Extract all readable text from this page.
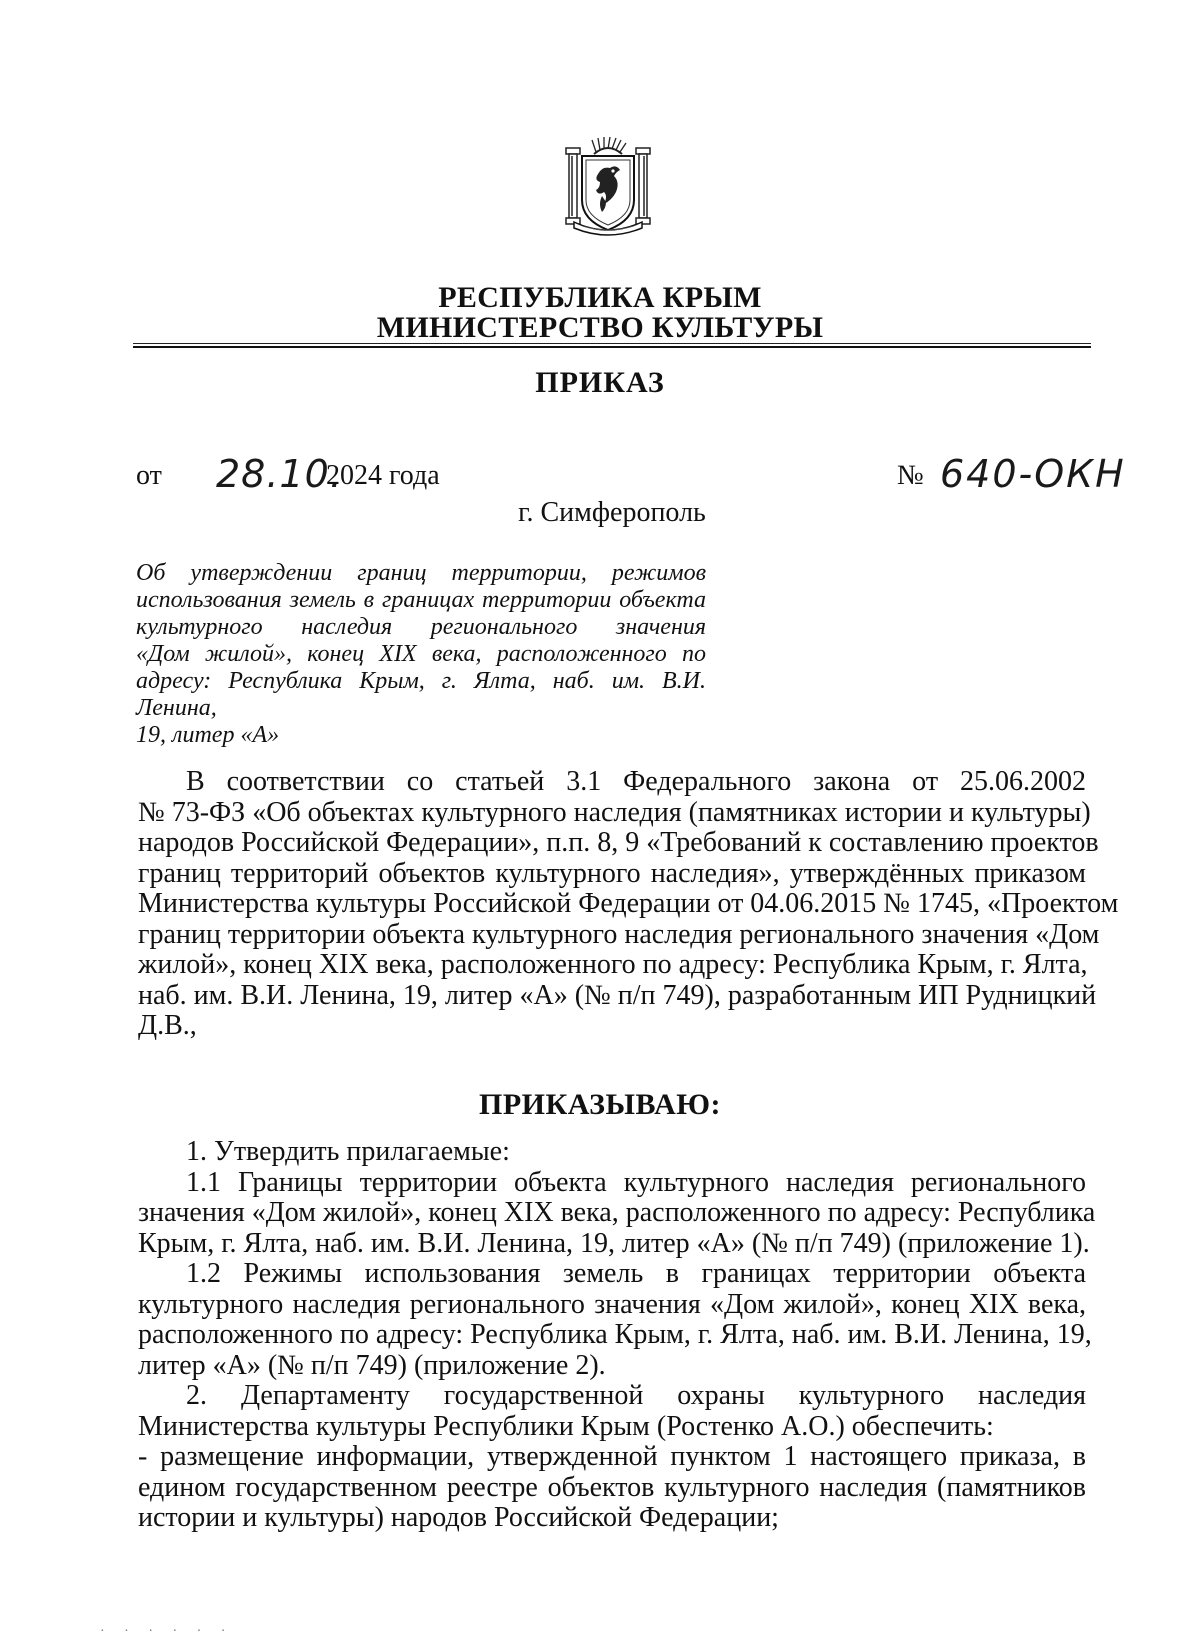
РЕСПУБЛИКА КРЫМ
МИНИСТЕРСТВО КУЛЬТУРЫ
ПРИКАЗ
от 28.10.
2024 года	№ 640-ОКН
г. Симферополь
Об утверждении границ территории, режимов
использования земель в границах территории объекта
культурного наследия регионального значения
«Дом жилой», конец XIX века, расположенного по
адресу: Республика Крым, г. Ялта, наб. им. В.И. Ленина,
19, литер «А»
В соответствии со статьей 3.1 Федерального закона от 25.06.2002
№ 73-ФЗ «Об объектах культурного наследия (памятниках истории и культуры)
народов Российской Федерации», п.п. 8, 9 «Требований к составлению проектов
границ территорий объектов культурного наследия», утверждённых приказом
Министерства культуры Российской Федерации от 04.06.2015 № 1745, «Проектом
границ территории объекта культурного наследия регионального значения «Дом
жилой», конец XIX века, расположенного по адресу: Республика Крым, г. Ялта,
наб. им. В.И. Ленина, 19, литер «А» (№ п/п 749), разработанным ИП Рудницкий
Д.В.,
ПРИКАЗЫВАЮ:
1. Утвердить прилагаемые:
1.1 Границы территории объекта культурного наследия регионального
значения «Дом жилой», конец XIX века, расположенного по адресу: Республика
Крым, г. Ялта, наб. им. В.И. Ленина, 19, литер «А» (№ п/п 749) (приложение 1).
1.2 Режимы использования земель в границах территории объекта
культурного наследия регионального значения «Дом жилой», конец XIX века,
расположенного по адресу: Республика Крым, г. Ялта, наб. им. В.И. Ленина, 19,
литер «А» (№ п/п 749) (приложение 2).
2. Департаменту государственной охраны культурного наследия
Министерства культуры Республики Крым (Ростенко А.О.) обеспечить:
- размещение информации, утвержденной пунктом 1 настоящего приказа, в
едином государственном реестре объектов культурного наследия (памятников
истории и культуры) народов Российской Федерации;
· · · · · ·
